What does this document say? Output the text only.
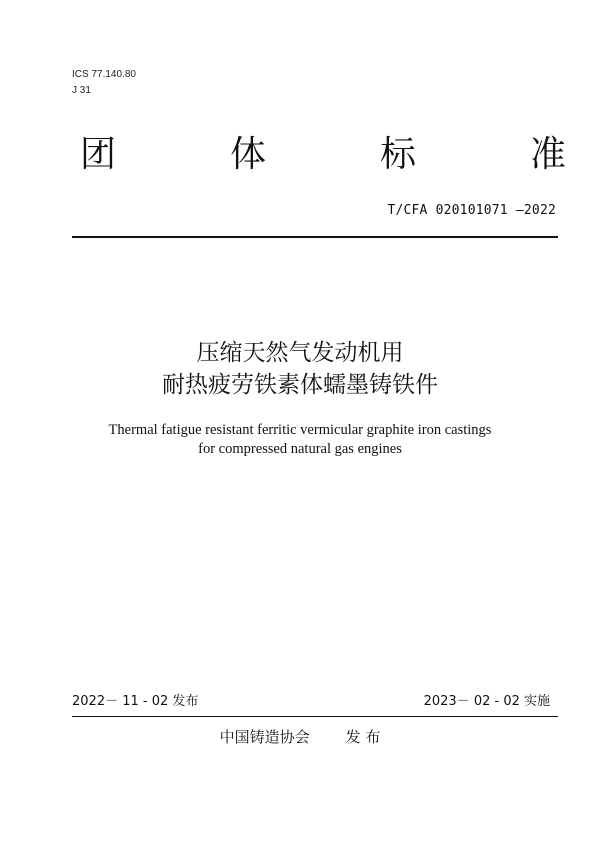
ICS 77.140.80
J 31
团	体	标	准
T/CFA 020101071 —2022
压缩天然气发动机用
耐热疲劳铁素体蠕墨铸铁件
Thermal fatigue resistant ferritic vermicular graphite iron castings
for compressed natural gas engines
2022－ 11 - 02 发布	2023－ 02 - 02 实施
中国铸造协会 发 布
